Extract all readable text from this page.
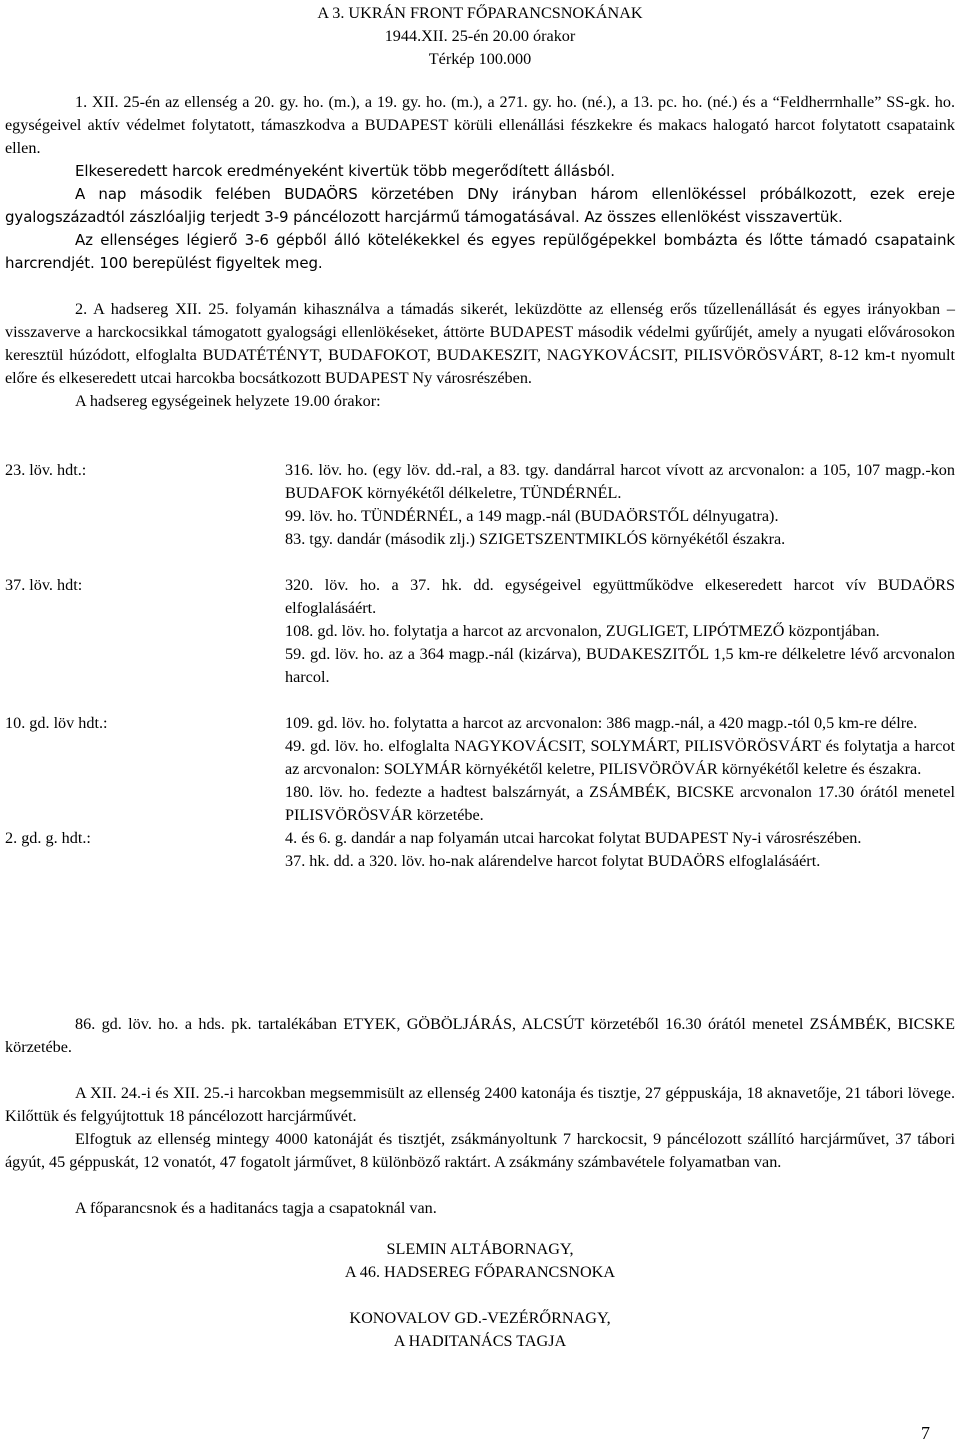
A 3. UKRÁN FRONT FŐPARANCSNOKÁNAK
1944.XII. 25-én 20.00 órakor
Térkép 100.000

1. XII. 25-én az ellenség a 20. gy. ho. (m.), a 19. gy. ho. (m.), a 271. gy. ho. (né.), a 13. pc. ho. (né.) és a “Feldherrnhalle” SS-gk. ho. egységeivel aktív védelmet folytatott, támaszkodva a BUDAPEST körüli ellenállási fészkekre és makacs halogató harcot folytatott csapataink ellen.

Elkeseredett harcok eredményeként kivertük több megerődített állásból.

A nap második felében BUDAÖRS körzetében DNy irányban három ellenlökéssel próbálkozott, ezek ereje gyalogszázadtól zászlóaljig terjedt 3-9 páncélozott harcjármű támogatásával. Az összes ellenlökést visszavertük.

Az ellenséges légierő 3-6 gépből álló kötelékekkel és egyes repülőgépekkel bombázta és lőtte támadó csapataink harcrendjét. 100 berepülést figyeltek meg.

2. A hadsereg XII. 25. folyamán kihasználva a támadás sikerét, leküzdötte az ellenség erős tűzellenállását és egyes irányokban – visszaverve a harckocsikkal támogatott gyalogsági ellenlökéseket, áttörte BUDAPEST második védelmi gyűrűjét, amely a nyugati elővárosokon keresztül húzódott, elfoglalta BUDATÉTÉNYT, BUDAFOKOT, BUDAKESZIT, NAGYKOVÁCSIT, PILISVÖRÖSVÁRT, 8-12 km-t nyomult előre és elkeseredett utcai harcokba bocsátkozott BUDAPEST Ny városrészében.

A hadsereg egységeinek helyzete 19.00 órakor:

23. löv. hdt.:	316. löv. ho. (egy löv. dd.-ral, a 83. tgy. dandárral harcot vívott az arcvonalon: a 105, 107 magp.-kon BUDAFOK környékétől délkeletre, TÜNDÉRNÉL.

99. löv. ho. TÜNDÉRNÉL, a 149 magp.-nál (BUDAÖRSTŐL délnyugatra).

83. tgy. dandár (második zlj.) SZIGETSZENTMIKLÓS környékétől északra.

37. löv. hdt:	320. löv. ho. a 37. hk. dd. egységeivel együttműködve elkeseredett harcot vív BUDAÖRS elfoglalásáért.

108. gd. löv. ho. folytatja a harcot az arcvonalon, ZUGLIGET, LIPÓTMEZŐ központjában.

59. gd. löv. ho. az a 364 magp.-nál (kizárva), BUDAKESZITŐL 1,5 km-re délkeletre lévő arcvonalon harcol.

10. gd. löv hdt.:	109. gd. löv. ho. folytatta a harcot az arcvonalon: 386 magp.-nál, a 420 magp.-tól 0,5 km-re délre.

49. gd. löv. ho. elfoglalta NAGYKOVÁCSIT, SOLYMÁRT, PILISVÖRÖSVÁRT és folytatja a harcot az arcvonalon: SOLYMÁR környékétől keletre, PILISVÖRÖVÁR környékétől keletre és északra.

180. löv. ho. fedezte a hadtest balszárnyát, a ZSÁMBÉK, BICSKE arcvonalon 17.30 órától menetel PILISVÖRÖSVÁR körzetébe.

2. gd. g. hdt.:	4. és 6. g. dandár a nap folyamán utcai harcokat folytat BUDAPEST Ny-i városrészében.

37. hk. dd. a 320. löv. ho-nak alárendelve harcot folytat BUDAÖRS elfoglalásáért.

86. gd. löv. ho. a hds. pk. tartalékában ETYEK, GÖBÖLJÁRÁS, ALCSÚT körzetéből 16.30 órától menetel ZSÁMBÉK, BICSKE körzetébe.

A XII. 24.-i és XII. 25.-i harcokban megsemmisült az ellenség 2400 katonája és tisztje, 27 géppuskája, 18 aknavetője, 21 tábori lövege. Kilőttük és felgyújtottuk 18 páncélozott harcjárművét.

Elfogtuk az ellenség mintegy 4000 katonáját és tisztjét, zsákmányoltunk 7 harckocsit, 9 páncélozott szállító harcjárművet, 37 tábori ágyút, 45 géppuskát, 12 vonatót, 47 fogatolt járművet, 8 különböző raktárt. A zsákmány számbavétele folyamatban van.

A főparancsnok és a haditanács tagja a csapatoknál van.

SLEMIN ALTÁBORNAGY,
A 46. HADSEREG FŐPARANCSNOKA
KONOVALOV GD.-VEZÉRŐRNAGY,
A HADITANÁCS TAGJA
7
